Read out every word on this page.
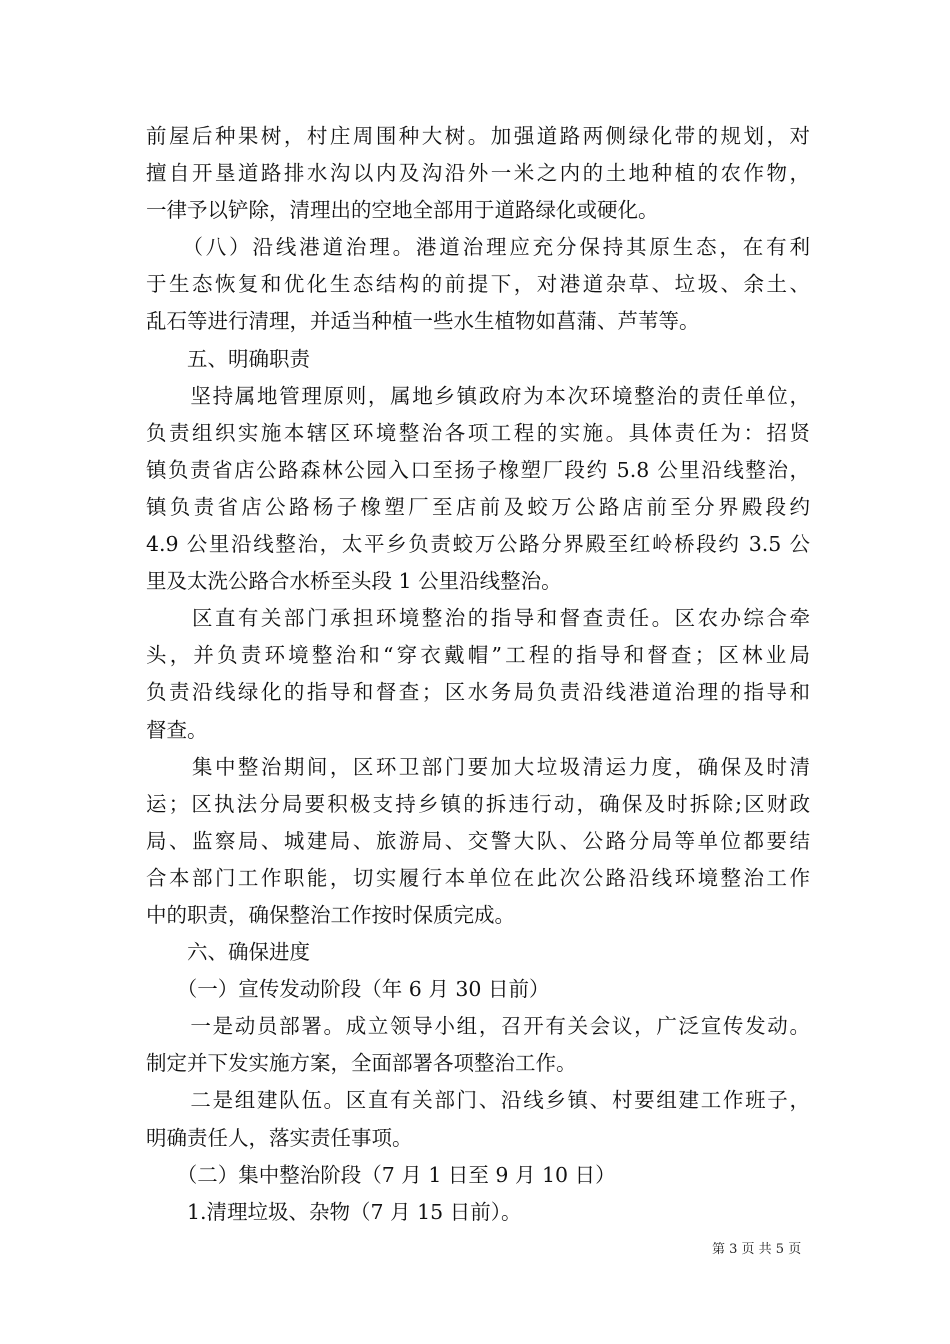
前屋后种果树，村庄周围种大树。加强道路两侧绿化带的规划，对
擅自开垦道路排水沟以内及沟沿外一米之内的土地种植的农作物，
一律予以铲除，清理出的空地全部用于道路绿化或硬化。
　　（八）沿线港道治理。港道治理应充分保持其原生态，在有利
于生态恢复和优化生态结构的前提下，对港道杂草、垃圾、余土、
乱石等进行清理，并适当种植一些水生植物如菖蒲、芦苇等。
　　五、明确职责
　　坚持属地管理原则，属地乡镇政府为本次环境整治的责任单位，
负责组织实施本辖区环境整治各项工程的实施。具体责任为：招贤
镇负责省店公路森林公园入口至扬子橡塑厂段约 5.8 公里沿线整治，
镇负责省店公路杨子橡塑厂至店前及蛟万公路店前至分界殿段约
4.9 公里沿线整治，太平乡负责蛟万公路分界殿至红岭桥段约 3.5 公
里及太洗公路合水桥至头段 1 公里沿线整治。
　　区直有关部门承担环境整治的指导和督查责任。区农办综合牵
头，并负责环境整治和“穿衣戴帽”工程的指导和督查；区林业局
负责沿线绿化的指导和督查；区水务局负责沿线港道治理的指导和
督查。
　　集中整治期间，区环卫部门要加大垃圾清运力度，确保及时清
运；区执法分局要积极支持乡镇的拆违行动，确保及时拆除;区财政
局、监察局、城建局、旅游局、交警大队、公路分局等单位都要结
合本部门工作职能，切实履行本单位在此次公路沿线环境整治工作
中的职责，确保整治工作按时保质完成。
　　六、确保进度
　　（一）宣传发动阶段（年 6 月 30 日前）
　　一是动员部署。成立领导小组，召开有关会议，广泛宣传发动。
制定并下发实施方案，全面部署各项整治工作。
　　二是组建队伍。区直有关部门、沿线乡镇、村要组建工作班子，
明确责任人，落实责任事项。
　　（二）集中整治阶段（7 月 1 日至 9 月 10 日）
　　1.清理垃圾、杂物（7 月 15 日前）。
第 3 页 共 5 页
